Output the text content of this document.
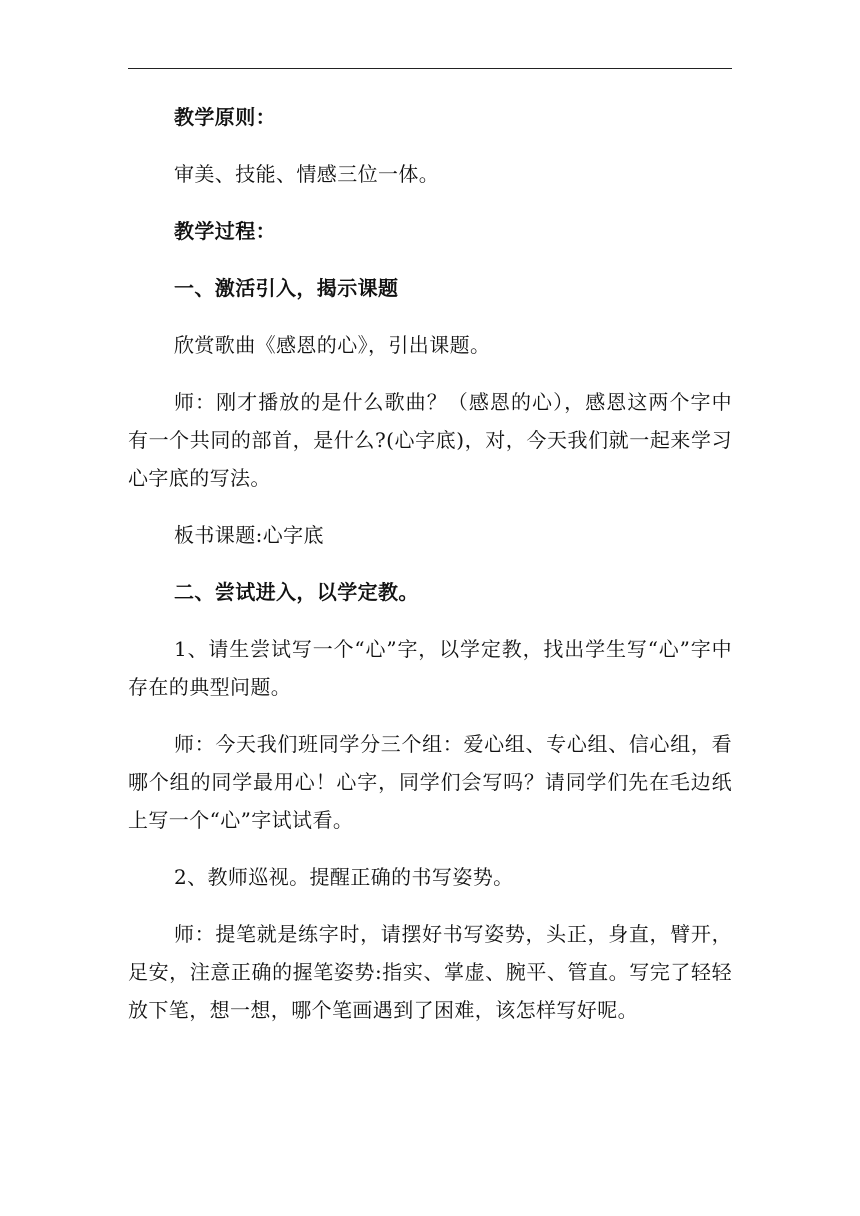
教学原则：

审美、技能、情感三位一体。

教学过程：

一、激活引入，揭示课题

欣赏歌曲《感恩的心》，引出课题。

师：刚才播放的是什么歌曲？（感恩的心），感恩这两个字中有一个共同的部首，是什么?(心字底)，对，今天我们就一起来学习心字底的写法。

板书课题:心字底

二、尝试进入，以学定教。

1、请生尝试写一个“心”字，以学定教，找出学生写“心”字中存在的典型问题。

师：今天我们班同学分三个组：爱心组、专心组、信心组，看哪个组的同学最用心！心字，同学们会写吗？请同学们先在毛边纸上写一个“心”字试试看。

2、教师巡视。提醒正确的书写姿势。

师：提笔就是练字时，请摆好书写姿势，头正，身直，臂开，足安，注意正确的握笔姿势:指实、掌虚、腕平、管直。写完了轻轻放下笔，想一想，哪个笔画遇到了困难，该怎样写好呢。
